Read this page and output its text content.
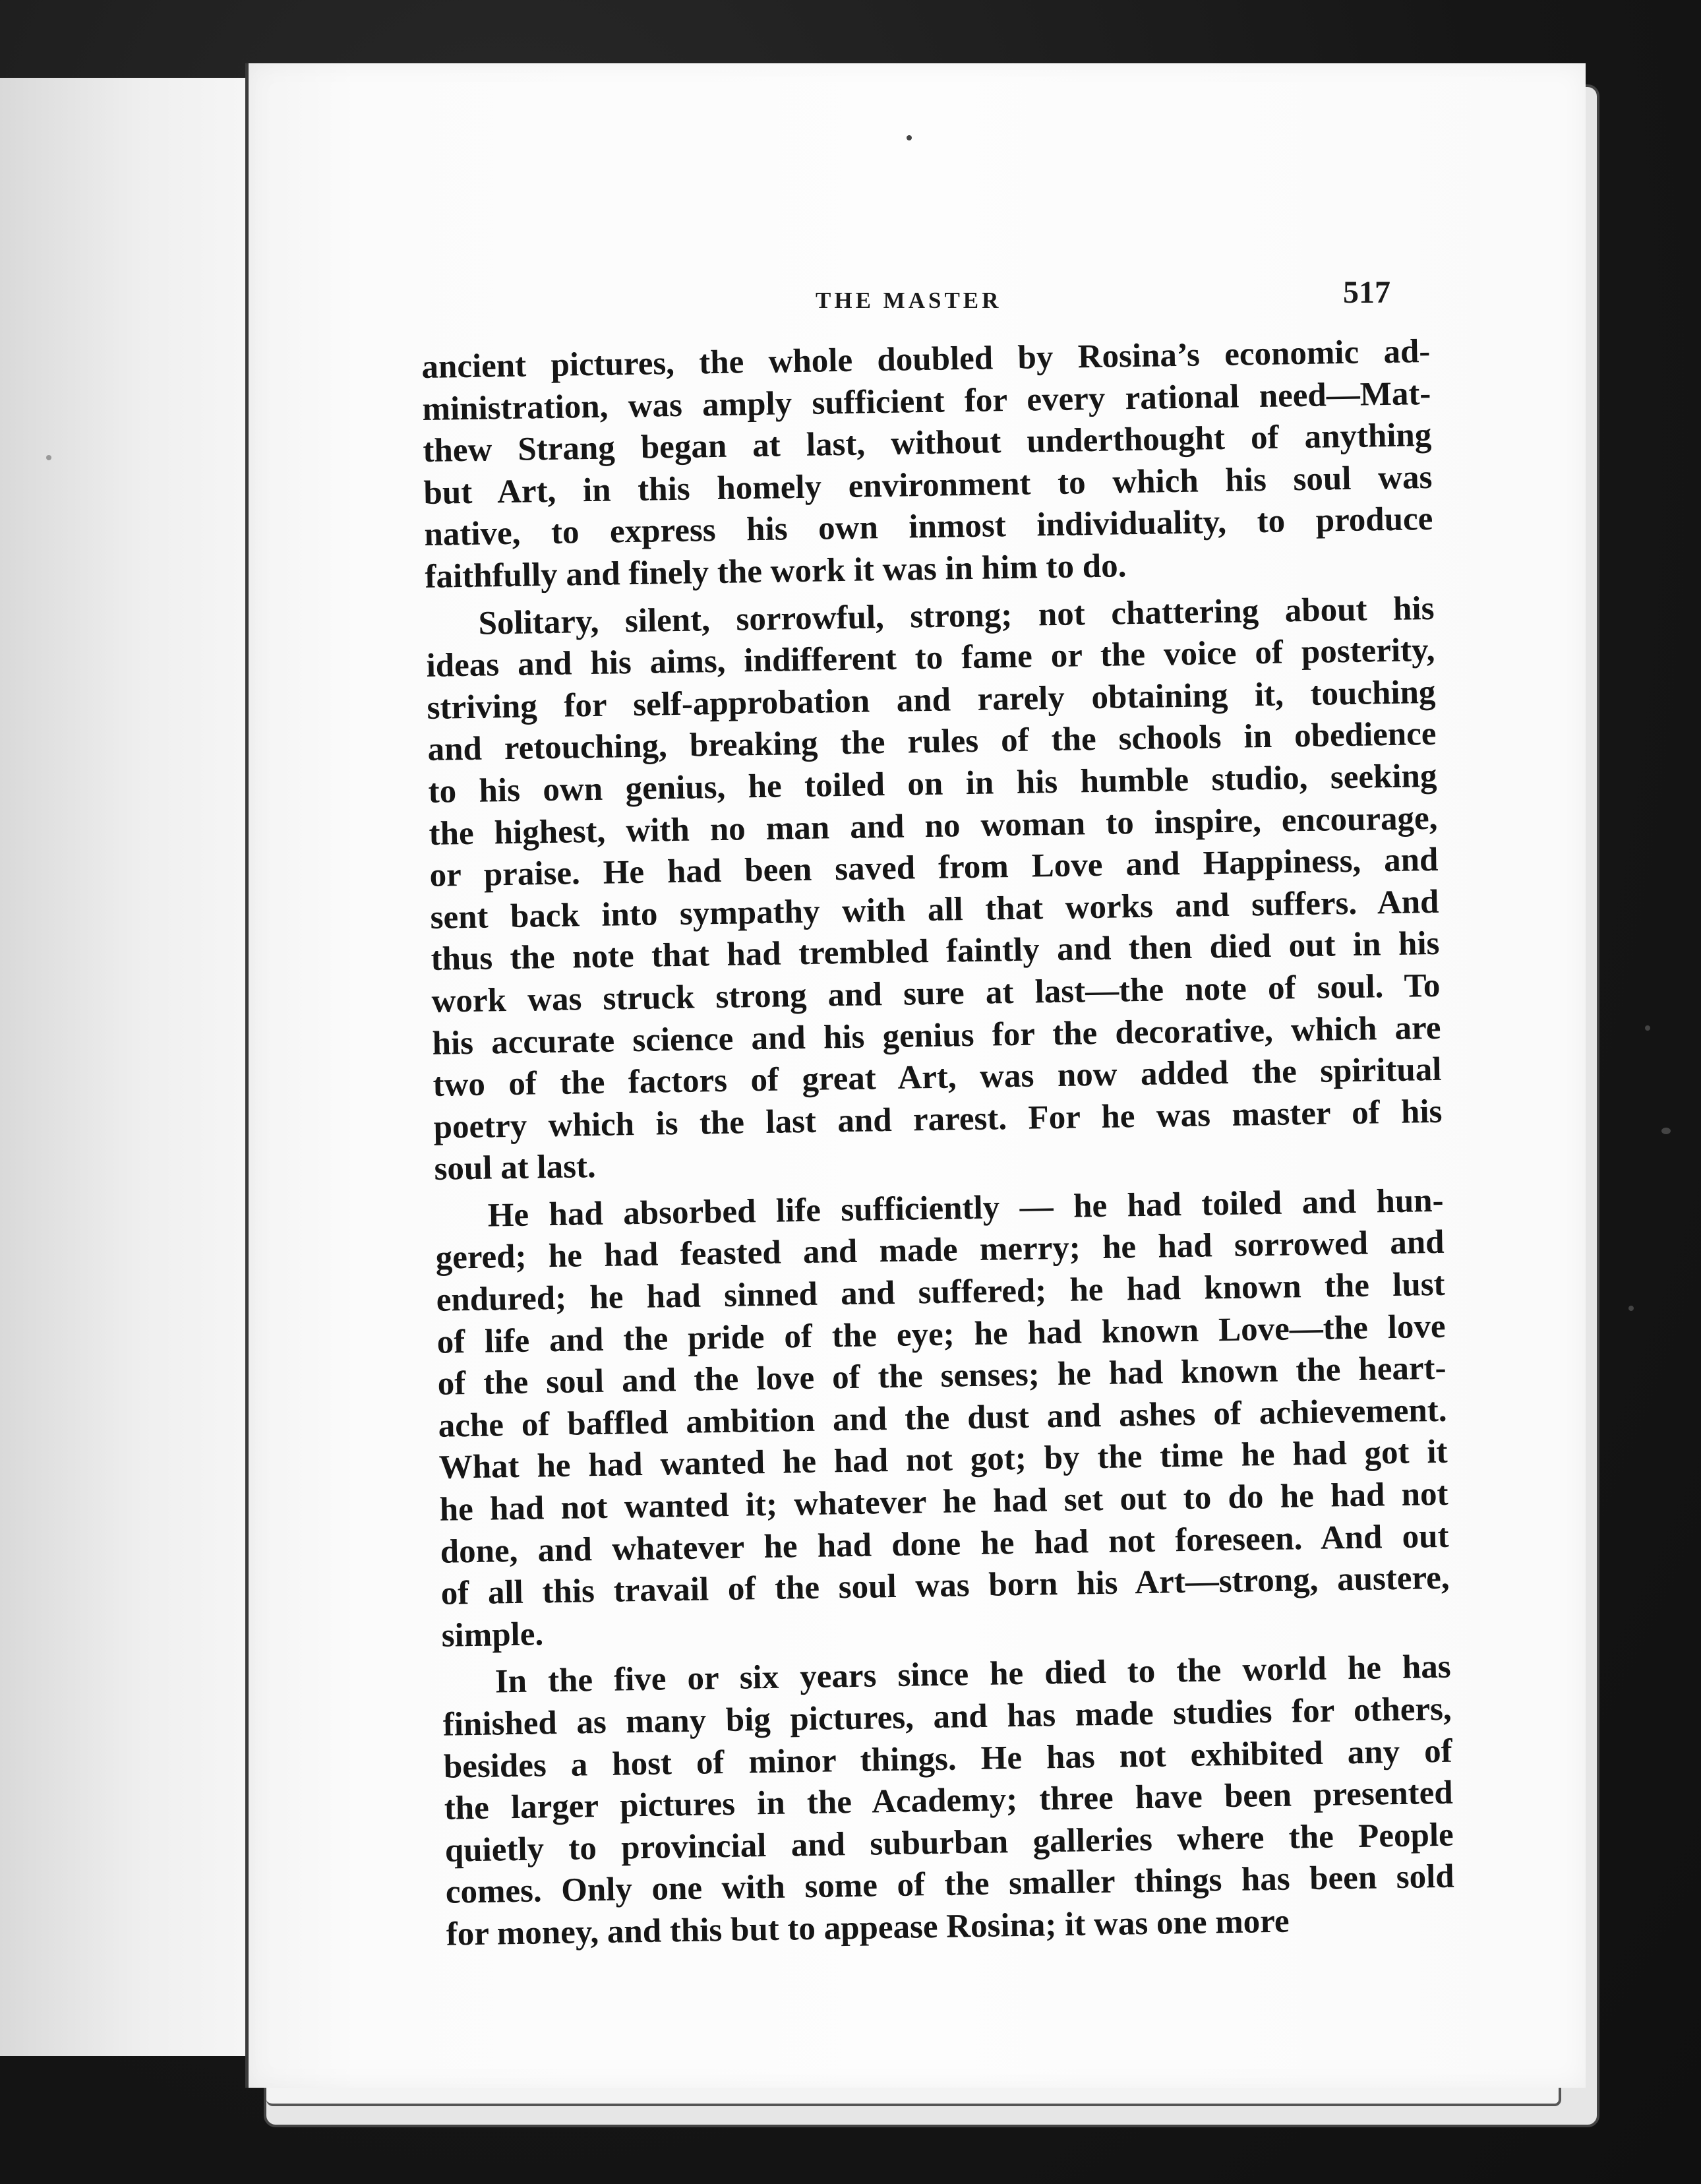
THE MASTER	517
ancient pictures, the whole doubled by Rosina’s economic ad-
ministration, was amply sufficient for every rational need—Mat-
thew Strang began at last, without underthought of anything
but Art, in this homely environment to which his soul was
native, to express his own inmost individuality, to produce
faithfully and finely the work it was in him to do.
Solitary, silent, sorrowful, strong; not chattering about his
ideas and his aims, indifferent to fame or the voice of posterity,
striving for self-approbation and rarely obtaining it, touching
and retouching, breaking the rules of the schools in obedience
to his own genius, he toiled on in his humble studio, seeking
the highest, with no man and no woman to inspire, encourage,
or praise. He had been saved from Love and Happiness, and
sent back into sympathy with all that works and suffers. And
thus the note that had trembled faintly and then died out in his
work was struck strong and sure at last—the note of soul. To
his accurate science and his genius for the decorative, which are
two of the factors of great Art, was now added the spiritual
poetry which is the last and rarest. For he was master of his
soul at last.
He had absorbed life sufficiently — he had toiled and hun-
gered; he had feasted and made merry; he had sorrowed and
endured; he had sinned and suffered; he had known the lust
of life and the pride of the eye; he had known Love—the love
of the soul and the love of the senses; he had known the heart-
ache of baffled ambition and the dust and ashes of achievement.
What he had wanted he had not got; by the time he had got it
he had not wanted it; whatever he had set out to do he had not
done, and whatever he had done he had not foreseen. And out
of all this travail of the soul was born his Art—strong, austere,
simple.
In the five or six years since he died to the world he has
finished as many big pictures, and has made studies for others,
besides a host of minor things. He has not exhibited any of
the larger pictures in the Academy; three have been presented
quietly to provincial and suburban galleries where the People
comes. Only one with some of the smaller things has been sold
for money, and this but to appease Rosina; it was one more
